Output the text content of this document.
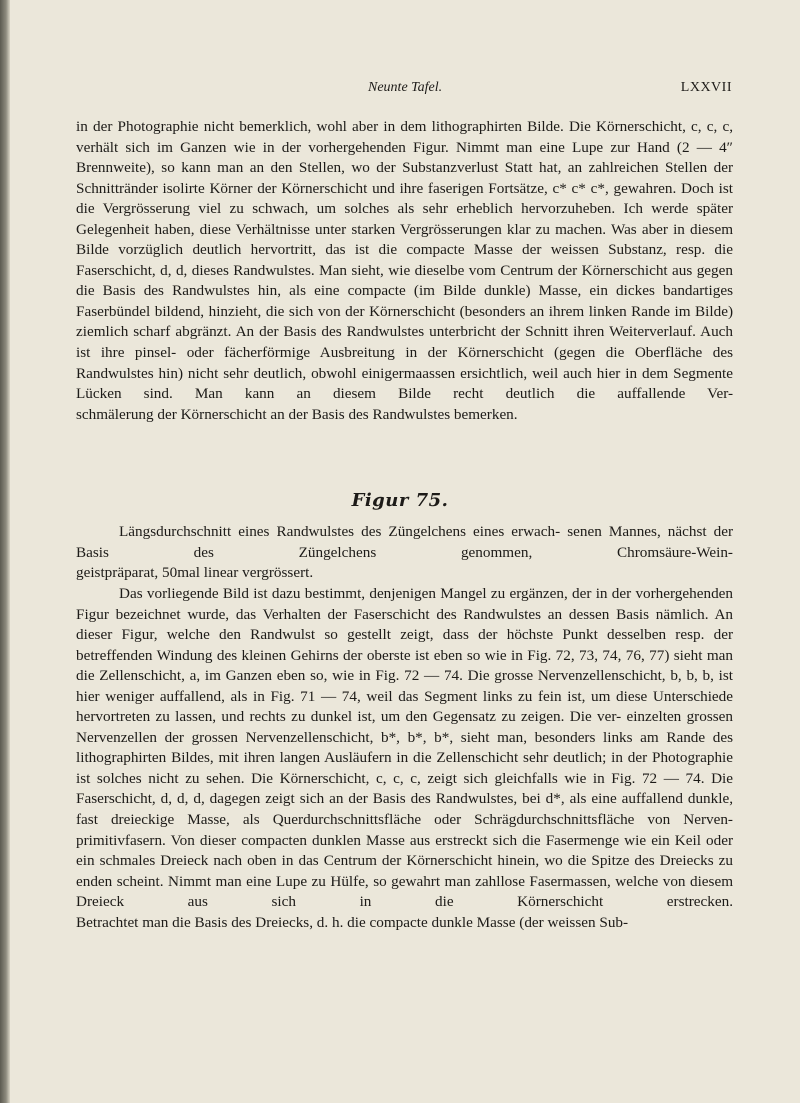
Neunte Tafel.	LXXVII

in der Photographie nicht bemerklich, wohl aber in dem lithographirten Bilde. Die Körnerschicht, c, c, c, verhält sich im Ganzen wie in der vorhergehenden Figur. Nimmt man eine Lupe zur Hand (2 — 4″ Brennweite), so kann man an den Stellen, wo der Substanzverlust Statt hat, an zahlreichen Stellen der Schnittränder isolirte Körner der Körnerschicht und ihre faserigen Fortsätze, c* c* c*, gewahren. Doch ist die Vergrösserung viel zu schwach, um solches als sehr erheblich hervorzuheben. Ich werde später Gelegenheit haben, diese Verhältnisse unter starken Vergrösserungen klar zu machen. Was aber in diesem Bilde vorzüglich deutlich hervortritt, das ist die compacte Masse der weissen Substanz, resp. die Faserschicht, d, d, dieses Randwulstes. Man sieht, wie dieselbe vom Centrum der Körnerschicht aus gegen die Basis des Randwulstes hin, als eine compacte (im Bilde dunkle) Masse, ein dickes bandartiges Faserbündel bildend, hinzieht, die sich von der Körnerschicht (besonders an ihrem linken Rande im Bilde) ziemlich scharf abgränzt. An der Basis des Randwulstes unterbricht der Schnitt ihren Weiterverlauf. Auch ist ihre pinsel- oder fächerförmige Ausbreitung in der Körnerschicht (gegen die Oberfläche des Randwulstes hin) nicht sehr deutlich, obwohl einigermaassen ersichtlich, weil auch hier in dem Segmente Lücken sind. Man kann an diesem Bilde recht deutlich die auffallende Ver-
schmälerung der Körnerschicht an der Basis des Randwulstes bemerken.

Figur 75.

Längsdurchschnitt eines Randwulstes des Züngelchens eines erwach- senen Mannes, nächst der Basis des Züngelchens genommen, Chromsäure-Wein-
geistpräparat, 50mal linear vergrössert.

Das vorliegende Bild ist dazu bestimmt, denjenigen Mangel zu ergänzen, der in der vorhergehenden Figur bezeichnet wurde, das Verhalten der Faserschicht des Randwulstes an dessen Basis nämlich. An dieser Figur, welche den Randwulst so gestellt zeigt, dass der höchste Punkt desselben resp. der betreffenden Windung des kleinen Gehirns der oberste ist eben so wie in Fig. 72, 73, 74, 76, 77) sieht man die Zellenschicht, a, im Ganzen eben so, wie in Fig. 72 — 74. Die grosse Nervenzellenschicht, b, b, b, ist hier weniger auffallend, als in Fig. 71 — 74, weil das Segment links zu fein ist, um diese Unterschiede hervortreten zu lassen, und rechts zu dunkel ist, um den Gegensatz zu zeigen. Die ver- einzelten grossen Nervenzellen der grossen Nervenzellenschicht, b*, b*, b*, sieht man, besonders links am Rande des lithographirten Bildes, mit ihren langen Ausläufern in die Zellenschicht sehr deutlich; in der Photographie ist solches nicht zu sehen. Die Körnerschicht, c, c, c, zeigt sich gleichfalls wie in Fig. 72 — 74. Die Faserschicht, d, d, d, dagegen zeigt sich an der Basis des Randwulstes, bei d*, als eine auffallend dunkle, fast dreieckige Masse, als Querdurchschnittsfläche oder Schrägdurchschnittsfläche von Nerven- primitivfasern. Von dieser compacten dunklen Masse aus erstreckt sich die Fasermenge wie ein Keil oder ein schmales Dreieck nach oben in das Centrum der Körnerschicht hinein, wo die Spitze des Dreiecks zu enden scheint. Nimmt man eine Lupe zu Hülfe, so gewahrt man zahllose Fasermassen, welche von diesem Dreieck aus sich in die Körnerschicht erstrecken.
Betrachtet man die Basis des Dreiecks, d. h. die compacte dunkle Masse (der weissen Sub-
